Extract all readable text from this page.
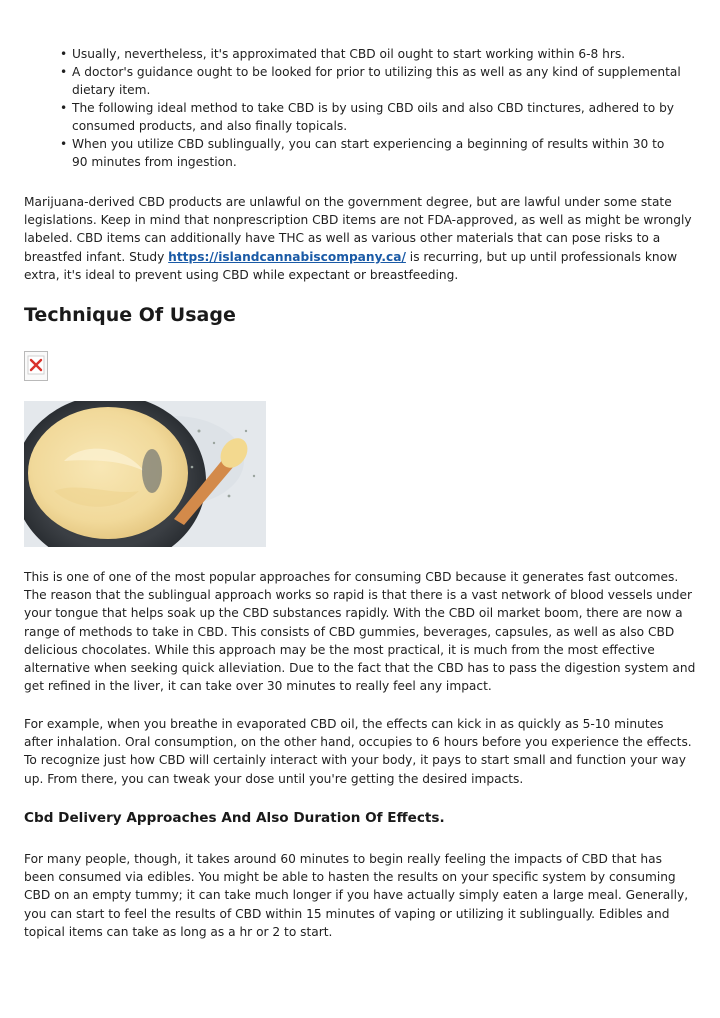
• Usually, nevertheless, it's approximated that CBD oil ought to start working within 6-8 hrs.
• A doctor's guidance ought to be looked for prior to utilizing this as well as any kind of supplemental dietary item.
• The following ideal method to take CBD is by using CBD oils and also CBD tinctures, adhered to by consumed products, and also finally topicals.
• When you utilize CBD sublingually, you can start experiencing a beginning of results within 30 to 90 minutes from ingestion.

Marijuana-derived CBD products are unlawful on the government degree, but are lawful under some state legislations. Keep in mind that nonprescription CBD items are not FDA-approved, as well as might be wrongly labeled. CBD items can additionally have THC as well as various other materials that can pose risks to a breastfed infant. Study https://islandcannabiscompany.ca/ is recurring, but up until professionals know extra, it's ideal to prevent using CBD while expectant or breastfeeding.

Technique Of Usage

This is one of one of the most popular approaches for consuming CBD because it generates fast outcomes. The reason that the sublingual approach works so rapid is that there is a vast network of blood vessels under your tongue that helps soak up the CBD substances rapidly. With the CBD oil market boom, there are now a range of methods to take in CBD. This consists of CBD gummies, beverages, capsules, as well as also CBD delicious chocolates. While this approach may be the most practical, it is much from the most effective alternative when seeking quick alleviation. Due to the fact that the CBD has to pass the digestion system and get refined in the liver, it can take over 30 minutes to really feel any impact.

For example, when you breathe in evaporated CBD oil, the effects can kick in as quickly as 5-10 minutes after inhalation. Oral consumption, on the other hand, occupies to 6 hours before you experience the effects. To recognize just how CBD will certainly interact with your body, it pays to start small and function your way up. From there, you can tweak your dose until you're getting the desired impacts.

Cbd Delivery Approaches And Also Duration Of Effects.

For many people, though, it takes around 60 minutes to begin really feeling the impacts of CBD that has been consumed via edibles. You might be able to hasten the results on your specific system by consuming CBD on an empty tummy; it can take much longer if you have actually simply eaten a large meal. Generally, you can start to feel the results of CBD within 15 minutes of vaping or utilizing it sublingually. Edibles and topical items can take as long as a hr or 2 to start.
